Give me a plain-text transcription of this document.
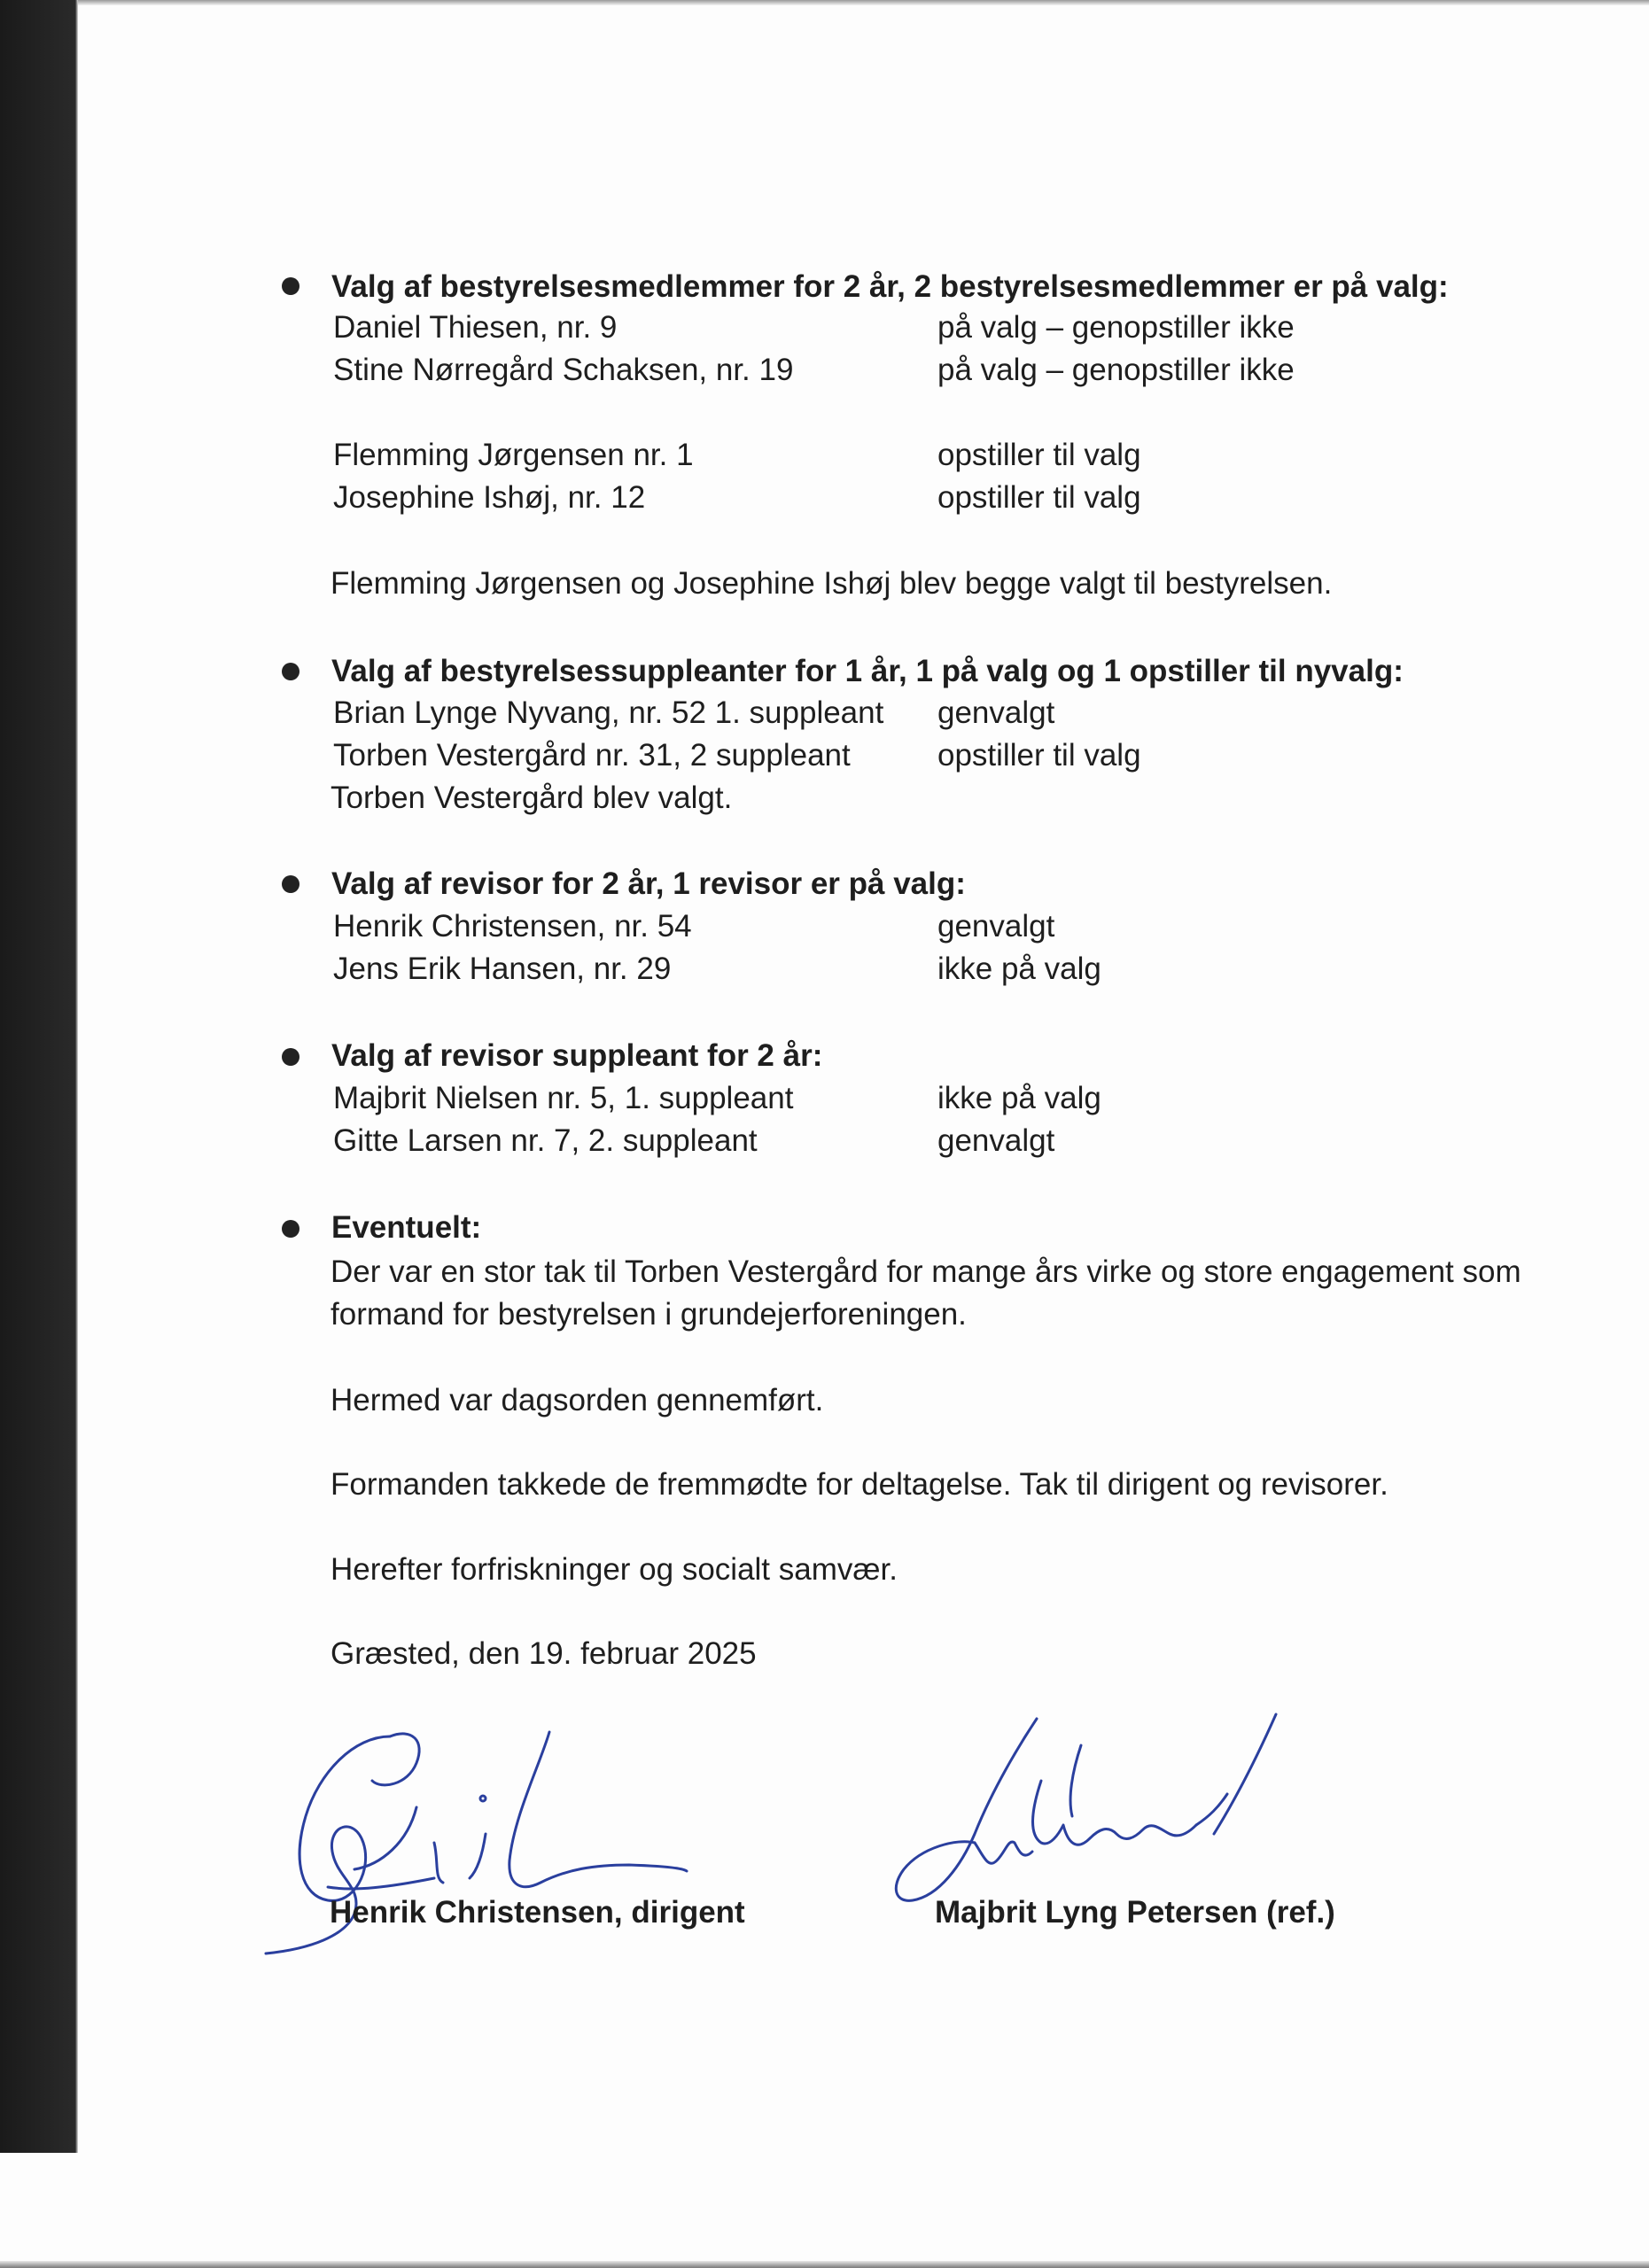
Valg af bestyrelsesmedlemmer for 2 år, 2 bestyrelsesmedlemmer er på valg:
Daniel Thiesen, nr. 9	på valg – genopstiller ikke
Stine Nørregård Schaksen, nr. 19	på valg – genopstiller ikke
Flemming Jørgensen nr. 1	opstiller til valg
Josephine Ishøj, nr. 12	opstiller til valg
Flemming Jørgensen og Josephine Ishøj blev begge valgt til bestyrelsen.
Valg af bestyrelsessuppleanter for 1 år, 1 på valg og 1 opstiller til nyvalg:
Brian Lynge Nyvang, nr. 52 1. suppleant genvalgt
Torben Vestergård nr. 31, 2 suppleant	opstiller til valg
Torben Vestergård blev valgt.
Valg af revisor for 2 år, 1 revisor er på valg:
Henrik Christensen, nr. 54	genvalgt
Jens Erik Hansen, nr. 29	ikke på valg
Valg af revisor suppleant for 2 år:
Majbrit Nielsen nr. 5, 1. suppleant	ikke på valg
Gitte Larsen nr. 7, 2. suppleant	genvalgt
Eventuelt:
Der var en stor tak til Torben Vestergård for mange års virke og store engagement som
formand for bestyrelsen i grundejerforeningen.
Hermed var dagsorden gennemført.
Formanden takkede de fremmødte for deltagelse. Tak til dirigent og revisorer.
Herefter forfriskninger og socialt samvær.
Græsted, den 19. februar 2025
Henrik Christensen, dirigent	Majbrit Lyng Petersen (ref.)
